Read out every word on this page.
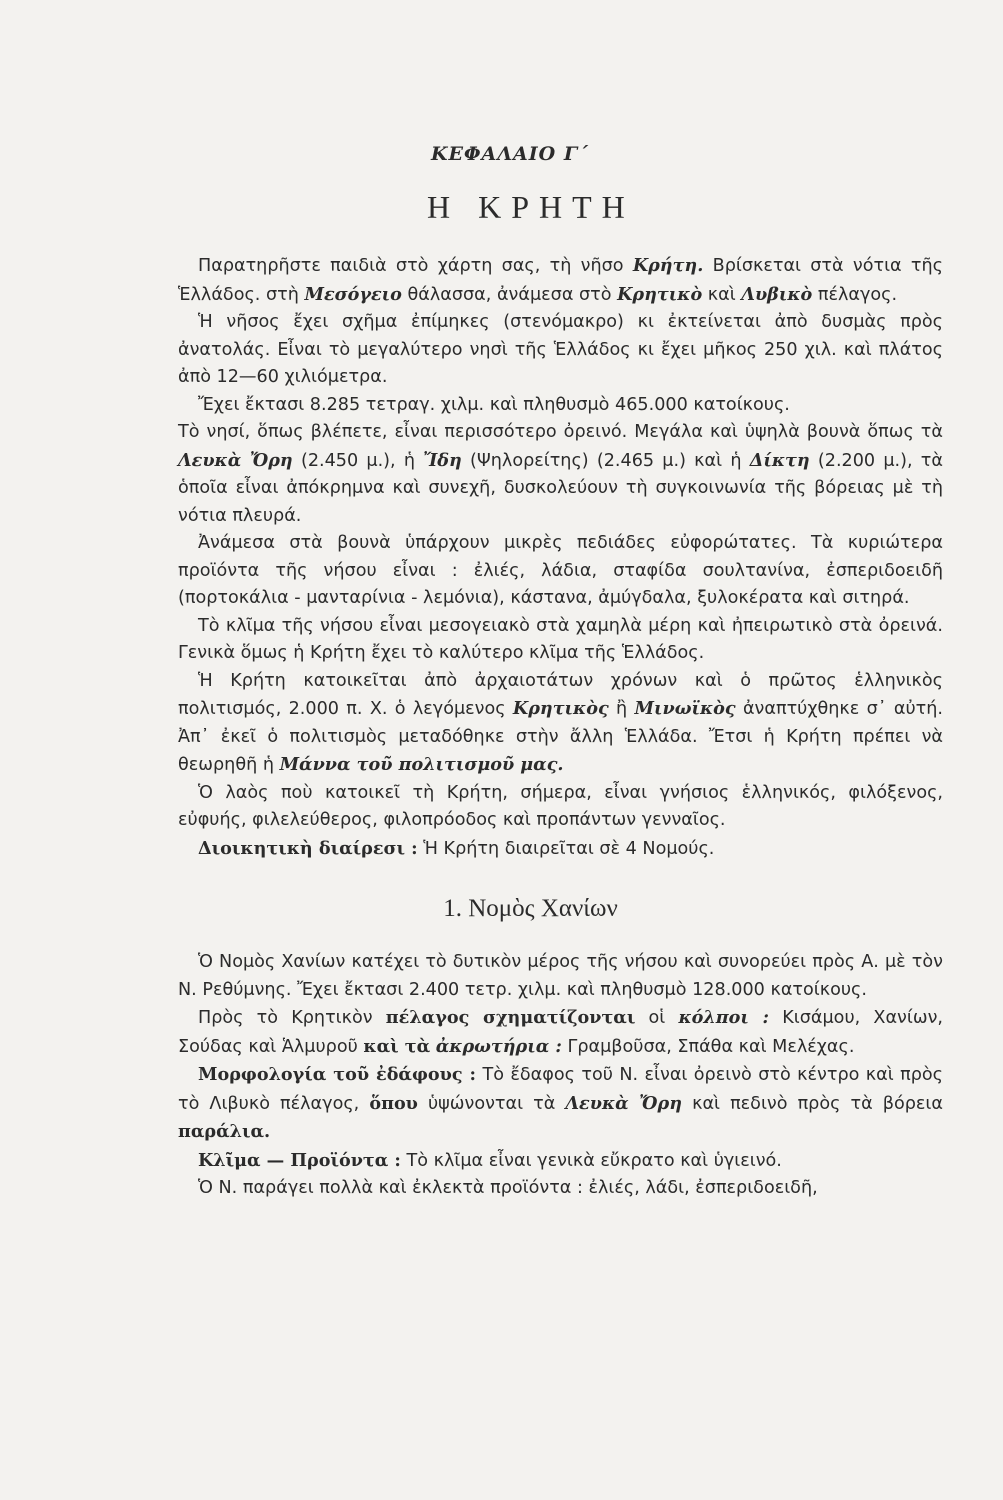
ΚΕΦΑΛΑΙΟ Γ΄
Η ΚΡΗΤΗ

Παρατηρῆστε παιδιὰ στὸ χάρτη σας, τὴ νῆσο Κρήτη. Βρίσκεται στὰ νότια τῆς Ἑλλάδος. στὴ Μεσόγειο θάλασσα, ἀνάμεσα στὸ Κρητικὸ καὶ Λυβικὸ πέλαγος.

Ἡ νῆσος ἔχει σχῆμα ἐπίμηκες (στενόμακρο) κι ἐκτείνεται ἀπὸ δυσμὰς πρὸς ἀνατολάς. Εἶναι τὸ μεγαλύτερο νησὶ τῆς Ἑλλάδος κι ἔχει μῆκος 250 χιλ. καὶ πλάτος ἀπὸ 12—60 χιλιόμετρα.

Ἔχει ἔκτασι 8.285 τετραγ. χιλμ. καὶ πληθυσμὸ 465.000 κατοίκους.

Τὸ νησί, ὅπως βλέπετε, εἶναι περισσότερο ὀρεινό. Μεγάλα καὶ ὑψηλὰ βουνὰ ὅπως τὰ Λευκὰ Ὄρη (2.450 μ.), ἡ Ἴδη (Ψηλορείτης) (2.465 μ.) καὶ ἡ Δίκτη (2.200 μ.), τὰ ὁποῖα εἶναι ἀπόκρημνα καὶ συνεχῆ, δυσκολεύουν τὴ συγκοινωνία τῆς βόρειας μὲ τὴ νότια πλευρά.

Ἀνάμεσα στὰ βουνὰ ὑπάρχουν μικρὲς πεδιάδες εὐφορώτατες. Τὰ κυριώτερα προϊόντα τῆς νήσου εἶναι : ἐλιές, λάδια, σταφίδα σουλτανίνα, ἐσπεριδοειδῆ (πορτοκάλια - μανταρίνια - λεμόνια), κάστανα, ἀμύγδαλα, ξυλοκέρατα καὶ σιτηρά.

Τὸ κλῖμα τῆς νήσου εἶναι μεσογειακὸ στὰ χαμηλὰ μέρη καὶ ἠπειρωτικὸ στὰ ὀρεινά. Γενικὰ ὅμως ἡ Κρήτη ἔχει τὸ καλύτερο κλῖμα τῆς Ἑλλάδος.

Ἡ Κρήτη κατοικεῖται ἀπὸ ἀρχαιοτάτων χρόνων καὶ ὁ πρῶτος ἑλληνικὸς πολιτισμός, 2.000 π. Χ. ὁ λεγόμενος Κρητικὸς ἢ Μινωϊκὸς ἀναπτύχθηκε σ᾽ αὐτή. Ἀπ᾽ ἐκεῖ ὁ πολιτισμὸς μεταδόθηκε στὴν ἄλλη Ἑλλάδα. Ἔτσι ἡ Κρήτη πρέπει νὰ θεωρηθῆ ἡ Μάννα τοῦ πολιτισμοῦ μας.

Ὁ λαὸς ποὺ κατοικεῖ τὴ Κρήτη, σήμερα, εἶναι γνήσιος ἑλληνικός, φιλόξενος, εὐφυής, φιλελεύθερος, φιλοπρόοδος καὶ προπάντων γενναῖος.

Διοικητικὴ διαίρεσι : Ἡ Κρήτη διαιρεῖται σὲ 4 Νομούς.

1. Νομὸς Χανίων

Ὁ Νομὸς Χανίων κατέχει τὸ δυτικὸν μέρος τῆς νήσου καὶ συνορεύει πρὸς Α. μὲ τὸν Ν. Ρεθύμνης. Ἔχει ἔκτασι 2.400 τετρ. χιλμ. καὶ πληθυσμὸ 128.000 κατοίκους.

Πρὸς τὸ Κρητικὸν πέλαγος σχηματίζονται οἱ κόλποι : Κισάμου, Χανίων, Σούδας καὶ Ἁλμυροῦ καὶ τὰ ἀκρωτήρια : Γραμβοῦσα, Σπάθα καὶ Μελέχας.

Μορφολογία τοῦ ἐδάφους : Τὸ ἔδαφος τοῦ Ν. εἶναι ὀρεινὸ στὸ κέντρο καὶ πρὸς τὸ Λιβυκὸ πέλαγος, ὅπου ὑψώνονται τὰ Λευκὰ Ὄρη καὶ πεδινὸ πρὸς τὰ βόρεια παράλια.

Κλῖμα — Προϊόντα : Τὸ κλῖμα εἶναι γενικὰ εὔκρατο καὶ ὑγιεινό.

Ὁ Ν. παράγει πολλὰ καὶ ἐκλεκτὰ προϊόντα : ἐλιές, λάδι, ἐσπεριδοειδῆ,
